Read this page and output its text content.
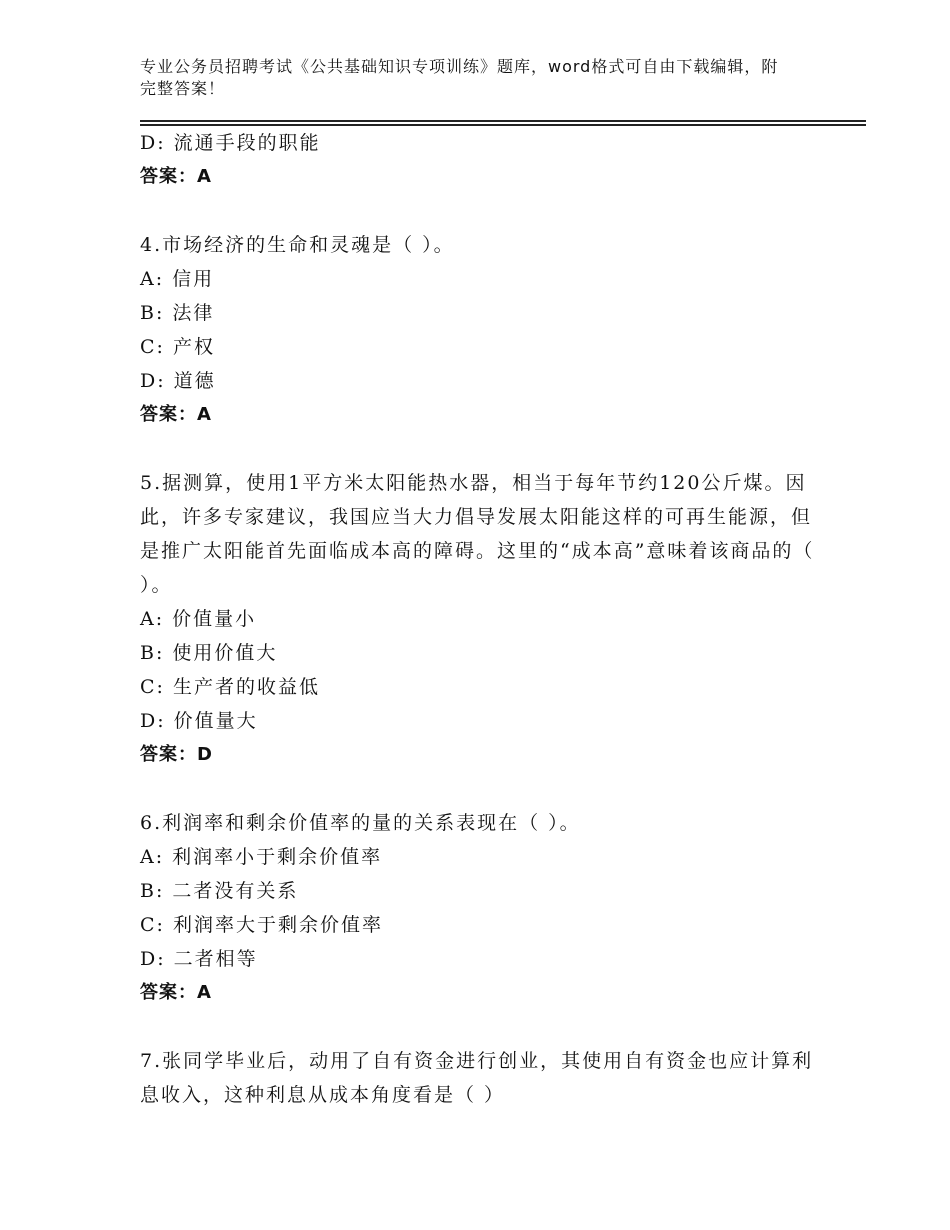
专业公务员招聘考试《公共基础知识专项训练》题库，word格式可自由下载编辑，附完整答案！
D: 流通手段的职能
答案：A
4.市场经济的生命和灵魂是（ ）。
A: 信用
B: 法律
C: 产权
D: 道德
答案：A
5.据测算，使用1平方米太阳能热水器，相当于每年节约120公斤煤。因此，许多专家建议，我国应当大力倡导发展太阳能这样的可再生能源，但是推广太阳能首先面临成本高的障碍。这里的“成本高”意味着该商品的（ ）。
A: 价值量小
B: 使用价值大
C: 生产者的收益低
D: 价值量大
答案：D
6.利润率和剩余价值率的量的关系表现在（ ）。
A: 利润率小于剩余价值率
B: 二者没有关系
C: 利润率大于剩余价值率
D: 二者相等
答案：A
7.张同学毕业后，动用了自有资金进行创业，其使用自有资金也应计算利息收入，这种利息从成本角度看是（ ）
